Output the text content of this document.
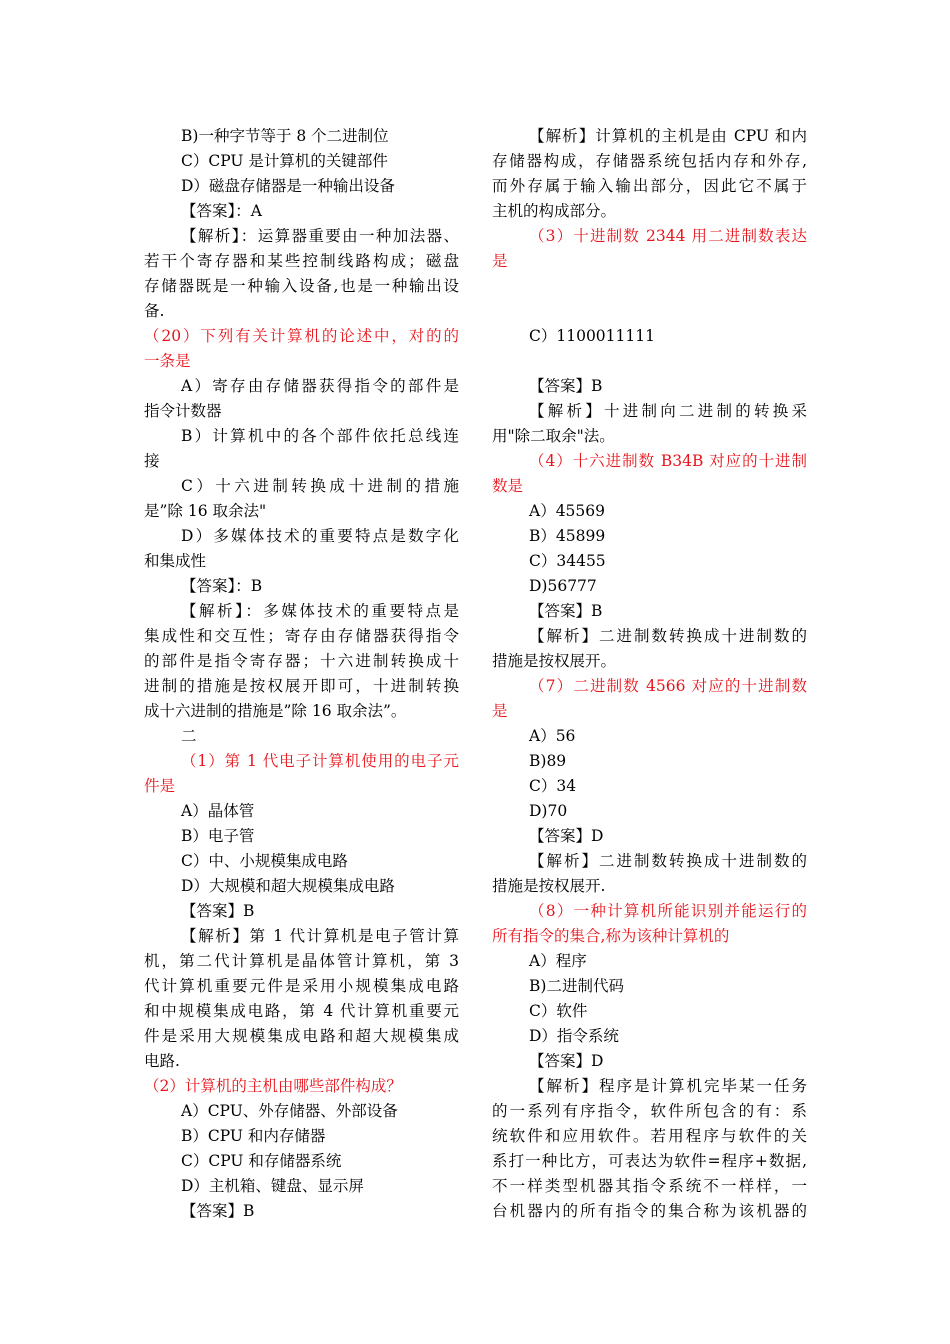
B)一种字节等于 8 个二进制位
C）CPU 是计算机的关键部件
D）磁盘存储器是一种输出设备
【答案】：A
【解析】：运算器重要由一种加法器、
若干个寄存器和某些控制线路构成；磁盘
存储器既是一种输入设备,也是一种输出设
备.
（20）下列有关计算机的论述中，对的的
一条是
A）寄存由存储器获得指令的部件是
指令计数器
B）计算机中的各个部件依托总线连
接
C）十六进制转换成十进制的措施
是”除 16 取余法"
D）多媒体技术的重要特点是数字化
和集成性
【答案】：B
【解析】：多媒体技术的重要特点是
集成性和交互性；寄存由存储器获得指令
的部件是指令寄存器；十六进制转换成十
进制的措施是按权展开即可，十进制转换
成十六进制的措施是”除 16 取余法”。
二
（1）第 1 代电子计算机使用的电子元
件是
A）晶体管
B）电子管
C）中、小规模集成电路
D）大规模和超大规模集成电路
【答案】B
【解析】第 1 代计算机是电子管计算
机，第二代计算机是晶体管计算机，第 3
代计算机重要元件是采用小规模集成电路
和中规模集成电路，第 4 代计算机重要元
件是采用大规模集成电路和超大规模集成
电路.
（2）计算机的主机由哪些部件构成？
A）CPU、外存储器、外部设备
B）CPU 和内存储器
C）CPU 和存储器系统
D）主机箱、键盘、显示屏
【答案】B
【解析】计算机的主机是由 CPU 和内
存储器构成，存储器系统包括内存和外存,
而外存属于输入输出部分，因此它不属于
主机的构成部分。
（3）十进制数 2344 用二进制数表达
是
C）1100011111
【答案】B
【解析】十进制向二进制的转换采
用"除二取余"法。
（4）十六进制数 B34B 对应的十进制
数是
A）45569
B）45899
C）34455
D)56777
【答案】B
【解析】二进制数转换成十进制数的
措施是按权展开。
（7）二进制数 4566 对应的十进制数
是
A）56
B)89
C）34
D)70
【答案】D
【解析】二进制数转换成十进制数的
措施是按权展开.
（8）一种计算机所能识别并能运行的
所有指令的集合,称为该种计算机的
A）程序
B)二进制代码
C）软件
D）指令系统
【答案】D
【解析】程序是计算机完毕某一任务
的一系列有序指令，软件所包含的有：系
统软件和应用软件。若用程序与软件的关
系打一种比方，可表达为软件=程序+数据,
不一样类型机器其指令系统不一样样，一
台机器内的所有指令的集合称为该机器的
